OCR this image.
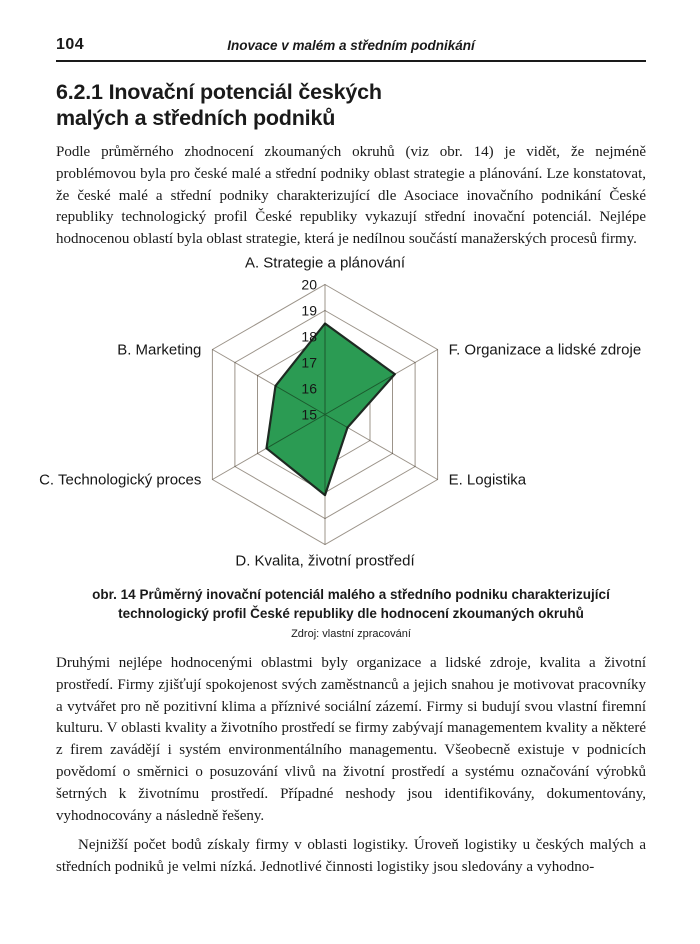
104	Inovace v malém a středním podnikání
6.2.1 Inovační potenciál českých
malých a středních podniků

Podle průměrného zhodnocení zkoumaných okruhů (viz obr. 14) je vidět, že nejméně problémovou byla pro české malé a střední podniky oblast strategie a plánování. Lze konstatovat, že české malé a střední podniky charakterizující dle Asociace inovačního podnikání České republiky technologický profil České republiky vykazují střední inovační potenciál. Nejlépe hodnocenou oblastí byla oblast strategie, která je nedílnou součástí manažerských procesů firmy.

15
16
17
18
19
20
A. Strategie a plánování
F. Organizace a lidské zdroje
E. Logistika
D. Kvalita, životní prostředí
C. Technologický proces
B. Marketing
obr. 14 Průměrný inovační potenciál malého a středního podniku charakterizující technologický profil České republiky dle hodnocení zkoumaných okruhů
Zdroj: vlastní zpracování

Druhými nejlépe hodnocenými oblastmi byly organizace a lidské zdroje, kvalita a životní prostředí. Firmy zjišťují spokojenost svých zaměstnanců a jejich snahou je motivovat pracovníky a vytvářet pro ně pozitivní klima a příznivé sociální zázemí. Firmy si budují svou vlastní firemní kulturu. V oblasti kvality a životního prostředí se firmy zabývají managementem kvality a některé z firem zavádějí i systém environmentálního managementu. Všeobecně existuje v podnicích povědomí o směrnici o posuzování vlivů na životní prostředí a systému označování výrobků šetrných k životnímu prostředí. Případné neshody jsou identifikovány, dokumentovány, vyhodnocovány a následně řešeny.

Nejnižší počet bodů získaly firmy v oblasti logistiky. Úroveň logistiky u českých malých a středních podniků je velmi nízká. Jednotlivé činnosti logistiky jsou sledovány a vyhodno-
